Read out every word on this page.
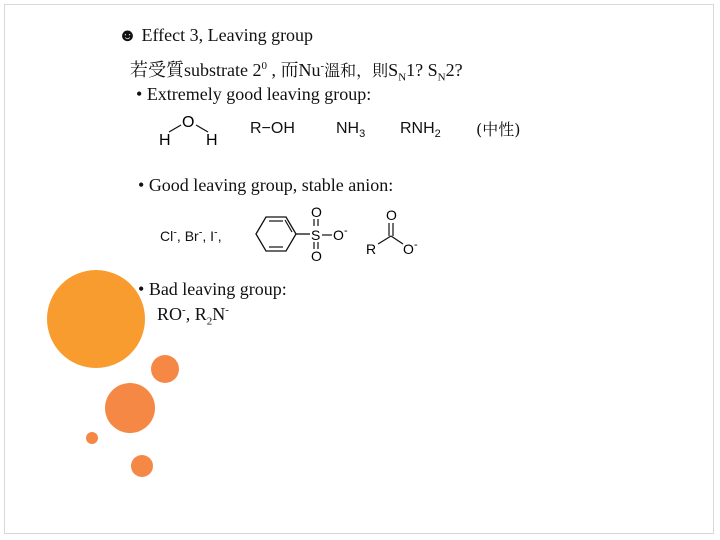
☻ Effect 3, Leaving group
若受質substrate $2^0$ , 而Nu-溫和，則$S_N1$? $S_N2$?
• Extremely good leaving group:
(中性)
H
O
H
R−OH	$NH_3$ $RNH_2$
• Good leaving group, stable anion:
Cl-, Br-, I-,	S
O
O
O -
R
O
O -
• Bad leaving group:
RO-, $R_2N^-$
